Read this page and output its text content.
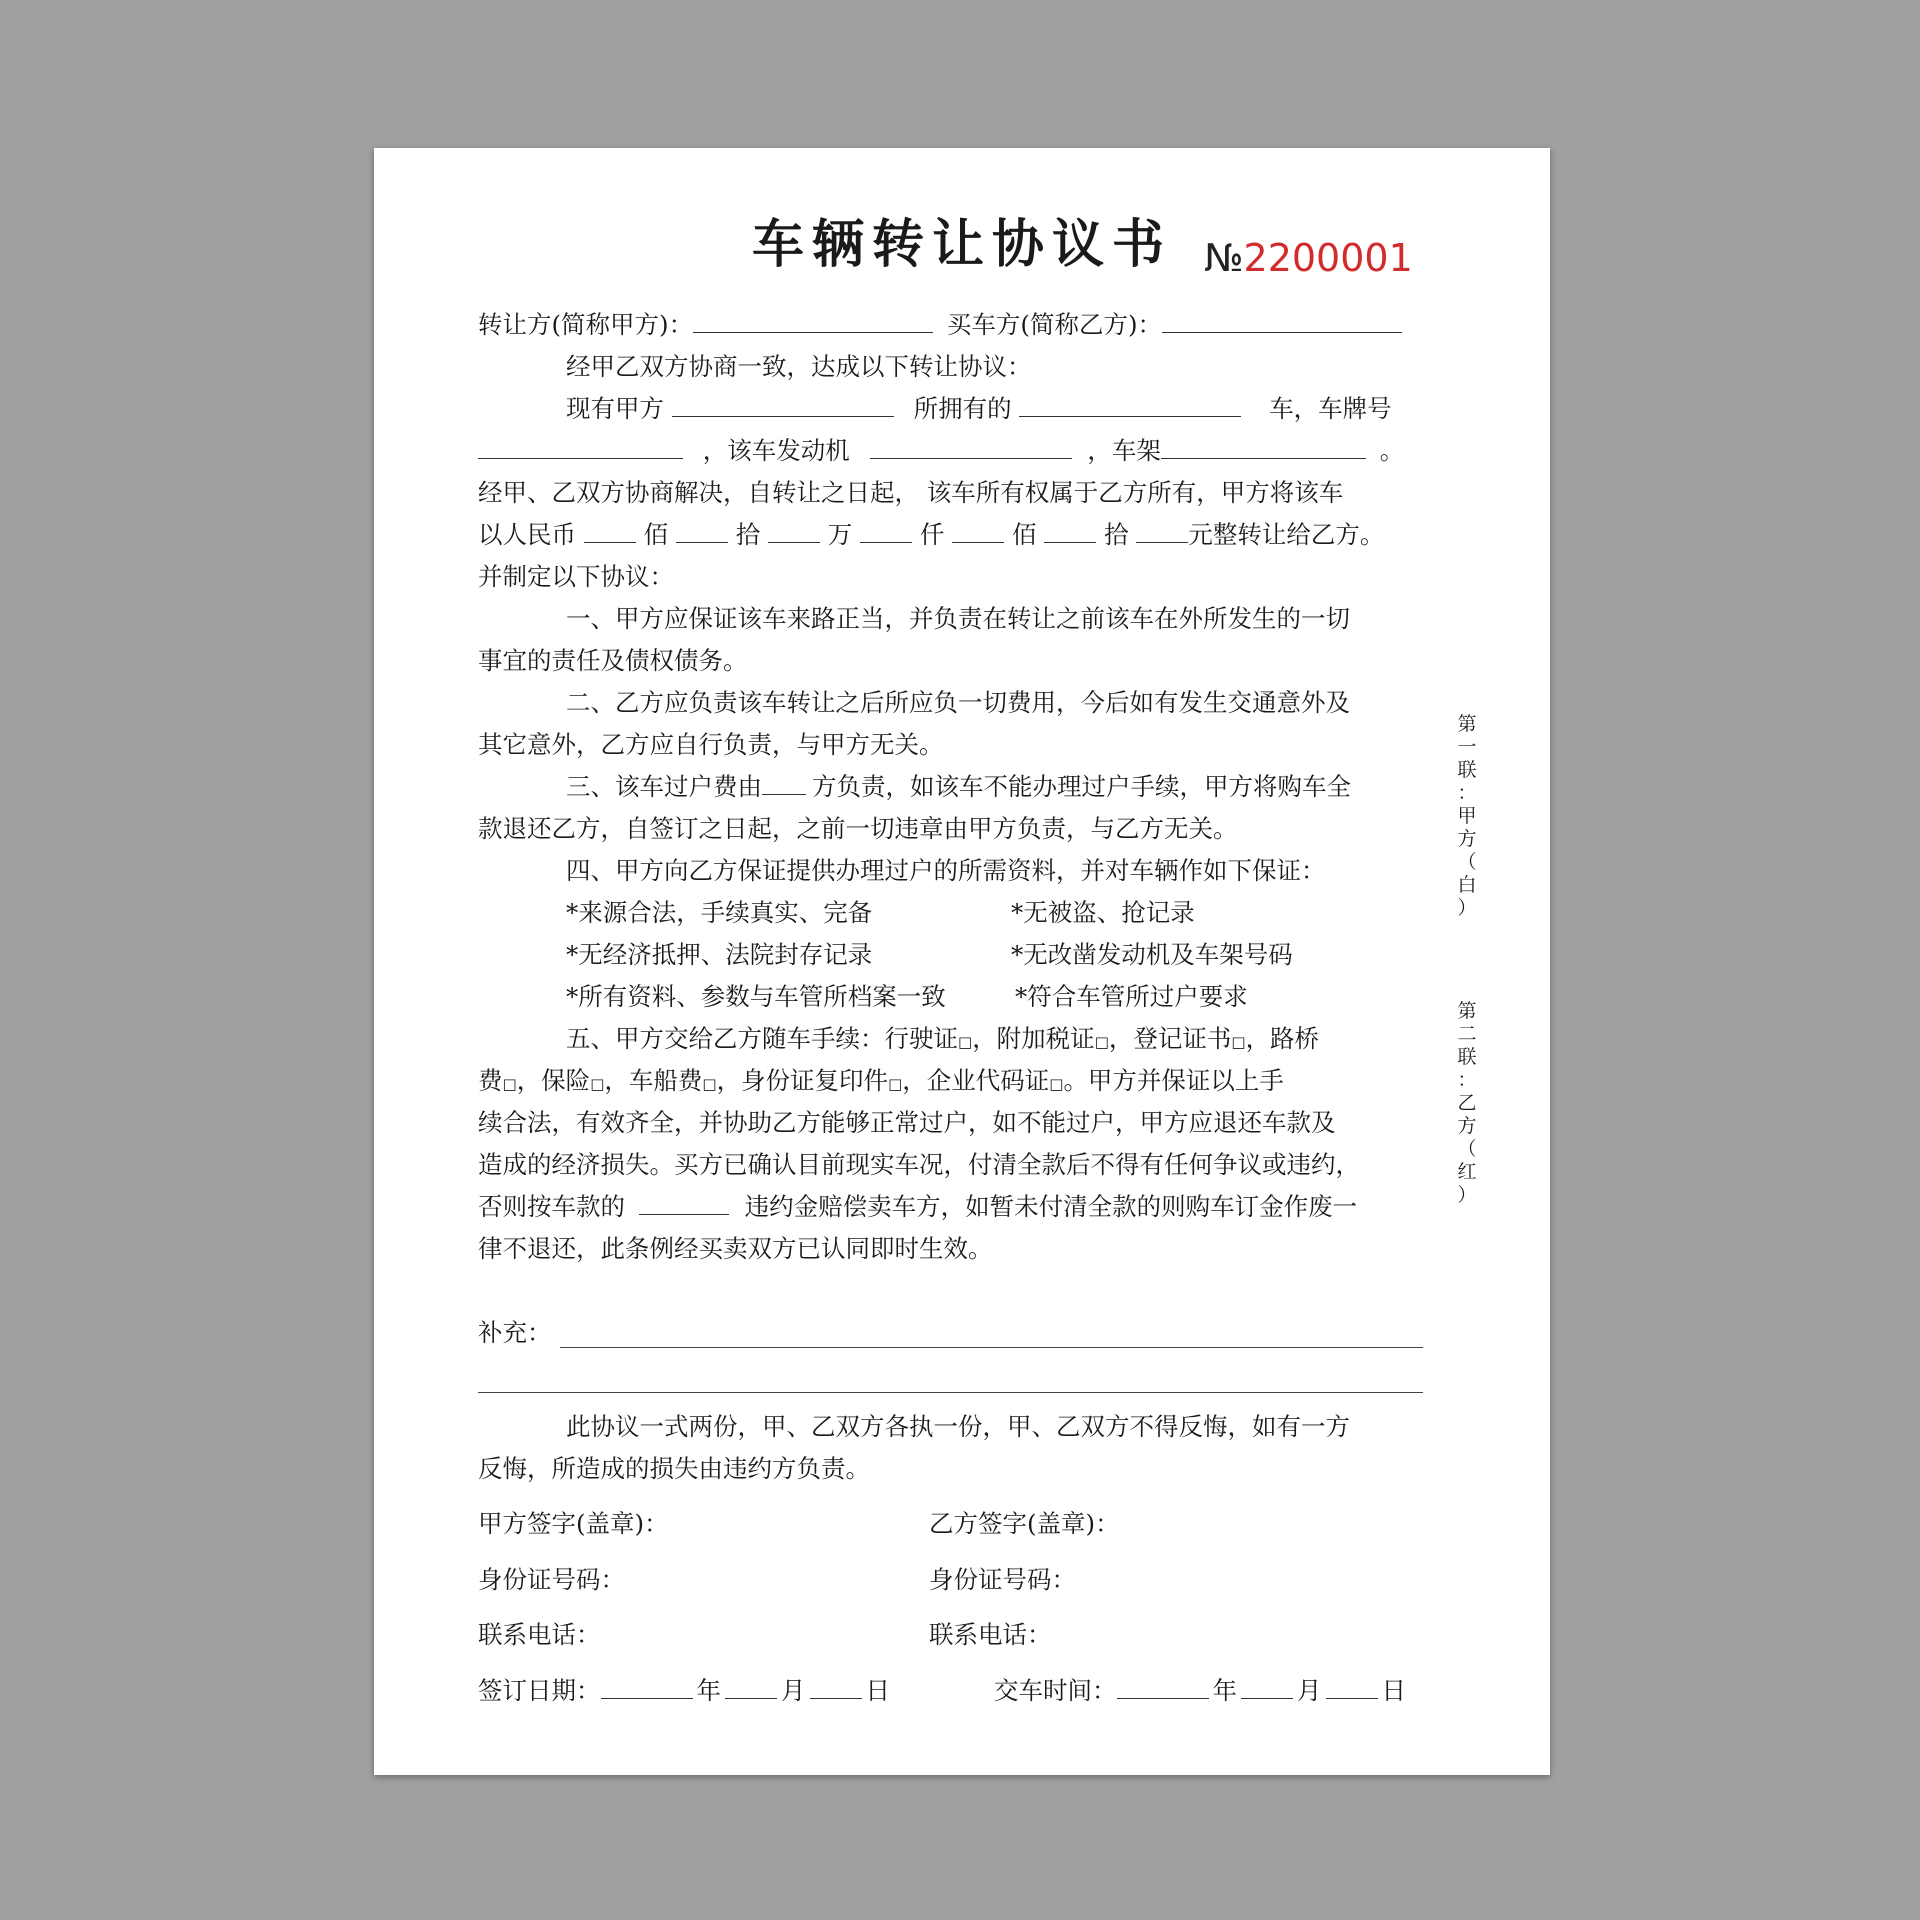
车辆转让协议书 №2200001
转让方(简称甲方)：	买车方(简称乙方)：
经甲乙双方协商一致，达成以下转让协议：
现有甲方	所拥有的	车，车牌号
，该车发动机	，车架	。
经甲、乙双方协商解决，自转让之日起， 该车所有权属于乙方所有，甲方将该车
以人民币	佰	拾	万	仟	佰	拾 元整转让给乙方。
并制定以下协议：
一、甲方应保证该车来路正当，并负责在转让之前该车在外所发生的一切
事宜的责任及债权债务。
二、乙方应负责该车转让之后所应负一切费用，今后如有发生交通意外及
其它意外，乙方应自行负责，与甲方无关。
三、该车过户费由 方负责，如该车不能办理过户手续，甲方将购车全
款退还乙方，自签订之日起，之前一切违章由甲方负责，与乙方无关。
四、甲方向乙方保证提供办理过户的所需资料，并对车辆作如下保证：
*来源合法，手续真实、完备	*无被盗、抢记录
*无经济抵押、法院封存记录	*无改凿发动机及车架号码
*所有资料、参数与车管所档案一致	*符合车管所过户要求
五、甲方交给乙方随车手续：行驶证□，附加税证□，登记证书□，路桥
费□，保险□，车船费□，身份证复印件□，企业代码证□。甲方并保证以上手
续合法，有效齐全，并协助乙方能够正常过户，如不能过户，甲方应退还车款及
造成的经济损失。买方已确认目前现实车况，付清全款后不得有任何争议或违约，
否则按车款的	违约金赔偿卖车方，如暂未付清全款的则购车订金作废一
律不退还，此条例经买卖双方已认同即时生效。
补充：
此协议一式两份，甲、乙双方各执一份，甲、乙双方不得反悔，如有一方
反悔，所造成的损失由违约方负责。
甲方签字(盖章)：	乙方签字(盖章)：
身份证号码：	身份证号码：
联系电话：	联系电话：
签订日期：	年 月 日	交车时间：	年 月 日
第
一
联
：
甲
方
（
白
）
第
二
联
：
乙
方
（
红
）
